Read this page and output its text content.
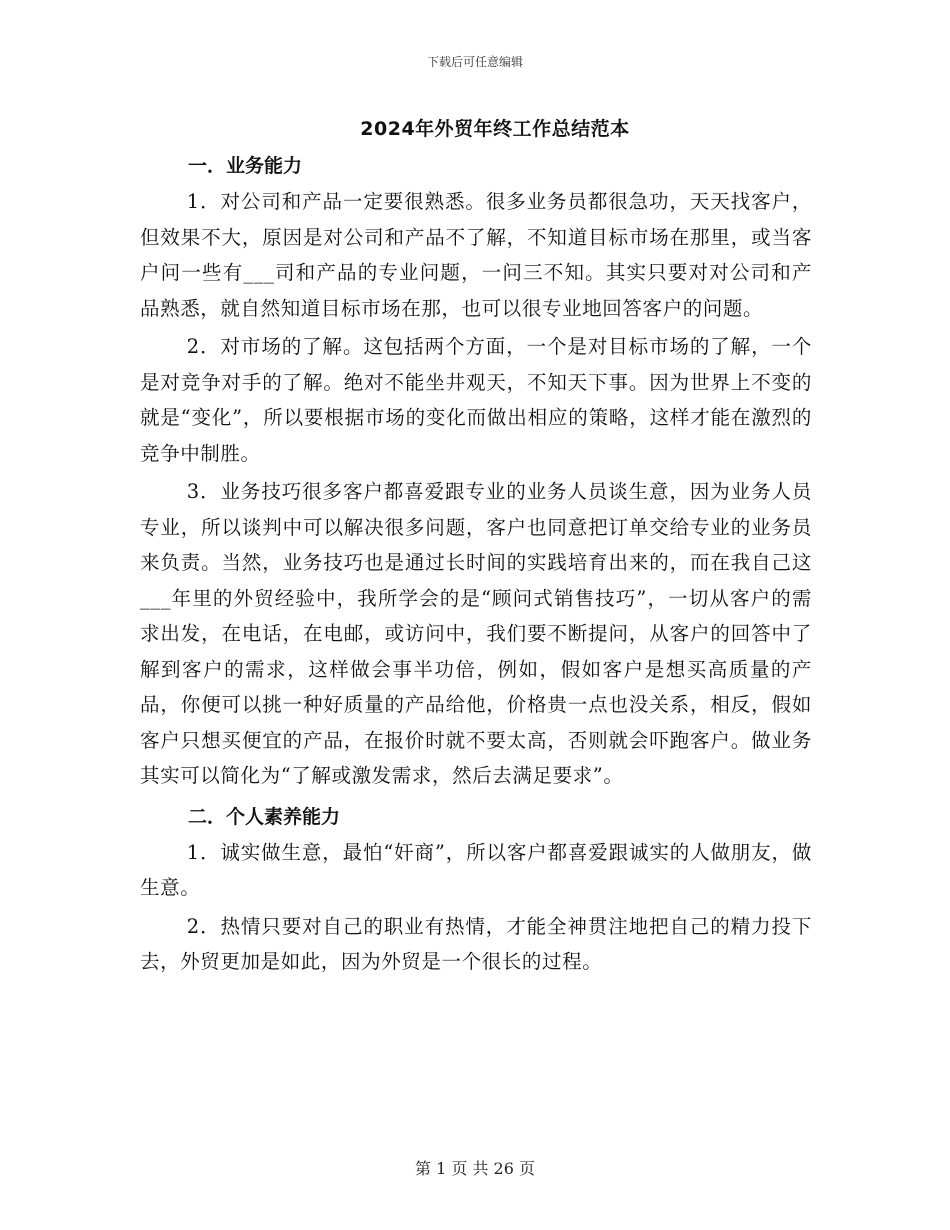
下载后可任意编辑
2024年外贸年终工作总结范本
一．业务能力

1．对公司和产品一定要很熟悉。很多业务员都很急功，天天找客户，但效果不大，原因是对公司和产品不了解，不知道目标市场在那里，或当客户问一些有___司和产品的专业问题，一问三不知。其实只要对对公司和产品熟悉，就自然知道目标市场在那，也可以很专业地回答客户的问题。

2．对市场的了解。这包括两个方面，一个是对目标市场的了解，一个是对竞争对手的了解。绝对不能坐井观天，不知天下事。因为世界上不变的就是“变化”，所以要根据市场的变化而做出相应的策略，这样才能在激烈的竞争中制胜。

3．业务技巧很多客户都喜爱跟专业的业务人员谈生意，因为业务人员专业，所以谈判中可以解决很多问题，客户也同意把订单交给专业的业务员来负责。当然，业务技巧也是通过长时间的实践培育出来的，而在我自己这___年里的外贸经验中，我所学会的是“顾问式销售技巧”，一切从客户的需求出发，在电话，在电邮，或访问中，我们要不断提问，从客户的回答中了解到客户的需求，这样做会事半功倍，例如，假如客户是想买高质量的产品，你便可以挑一种好质量的产品给他，价格贵一点也没关系，相反，假如客户只想买便宜的产品，在报价时就不要太高，否则就会吓跑客户。做业务其实可以简化为“了解或激发需求，然后去满足要求”。

二．个人素养能力

1．诚实做生意，最怕“奸商”，所以客户都喜爱跟诚实的人做朋友，做生意。

2．热情只要对自己的职业有热情，才能全神贯注地把自己的精力投下去，外贸更加是如此，因为外贸是一个很长的过程。

第 1 页 共 26 页
